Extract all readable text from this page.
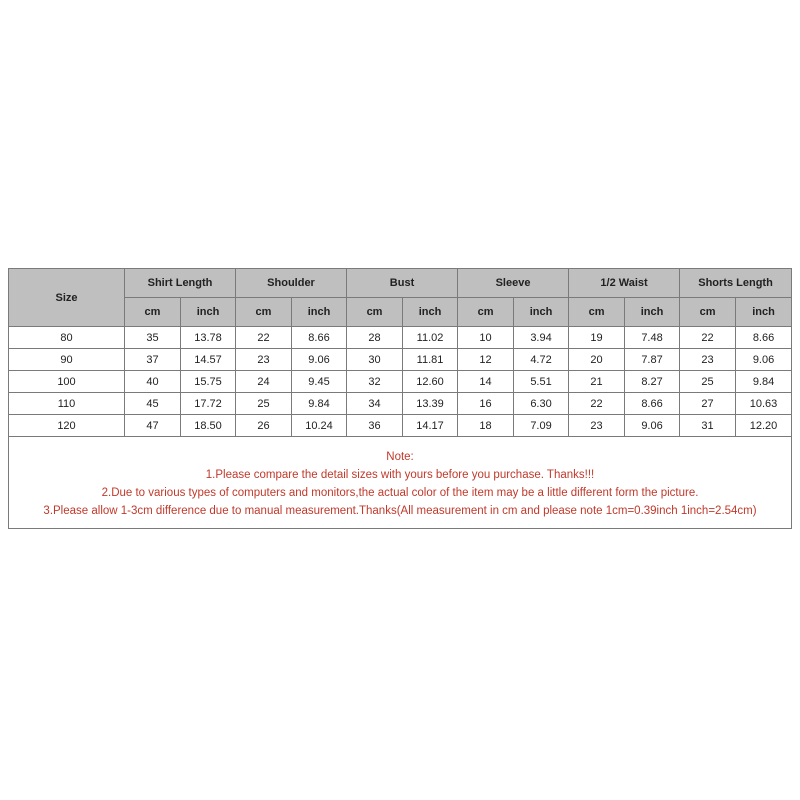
Size	Shirt Length		Shoulder		Bust		Sleeve		1/2 Waist		Shorts Length	
	cm	inch	cm	inch	cm	inch	cm	inch	cm	inch	cm	inch
80	35	13.78	22	8.66	28	11.02	10	3.94	19	7.48	22	8.66
90	37	14.57	23	9.06	30	11.81	12	4.72	20	7.87	23	9.06
100	40	15.75	24	9.45	32	12.60	14	5.51	21	8.27	25	9.84
110	45	17.72	25	9.84	34	13.39	16	6.30	22	8.66	27	10.63
120	47	18.50	26	10.24	36	14.17	18	7.09	23	9.06	31	12.20

Note:
1.Please compare the detail sizes with yours before you purchase. Thanks!!!
2.Due to various types of computers and monitors,the actual color of the item may be a little different form the picture.
3.Please allow 1-3cm difference due to manual measurement.Thanks(All measurement in cm and please note 1cm=0.39inch 1inch=2.54cm)												
